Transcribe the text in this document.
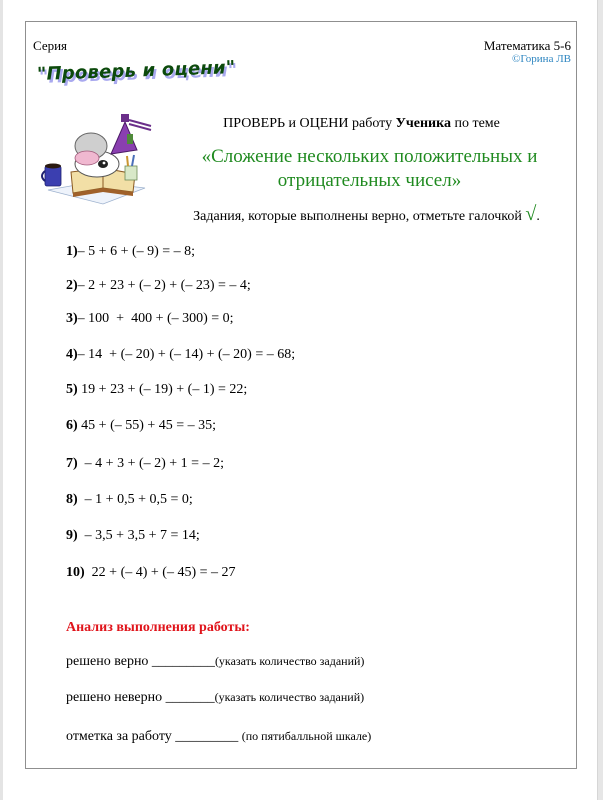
Серия	Математика 5-6
©Горина ЛВ
"Проверь и оцени"
ПРОВЕРЬ и ОЦЕНИ работу Ученика по теме
«Сложение нескольких положительных и
отрицательных чисел»
Задания, которые выполнены верно, отметьте галочкой √.
1)– 5 + 6 + (– 9) = – 8;
2)– 2 + 23 + (– 2) + (– 23) = – 4;
3)– 100  +  400 + (– 300) = 0;
4)– 14  + (– 20) + (– 14) + (– 20) = – 68;
5) 19 + 23 + (– 19) + (– 1) = 22;
6) 45 + (– 55) + 45 = – 35;
7)  – 4 + 3 + (– 2) + 1 = – 2;
8)  – 1 + 0,5 + 0,5 = 0;
9)  – 3,5 + 3,5 + 7 = 14;
10)  22 + (– 4) + (– 45) = – 27
Анализ выполнения работы:
решено верно _________(указать количество заданий)
решено неверно _______(указать количество заданий)
отметка за работу _________ (по пятибалльной шкале)
